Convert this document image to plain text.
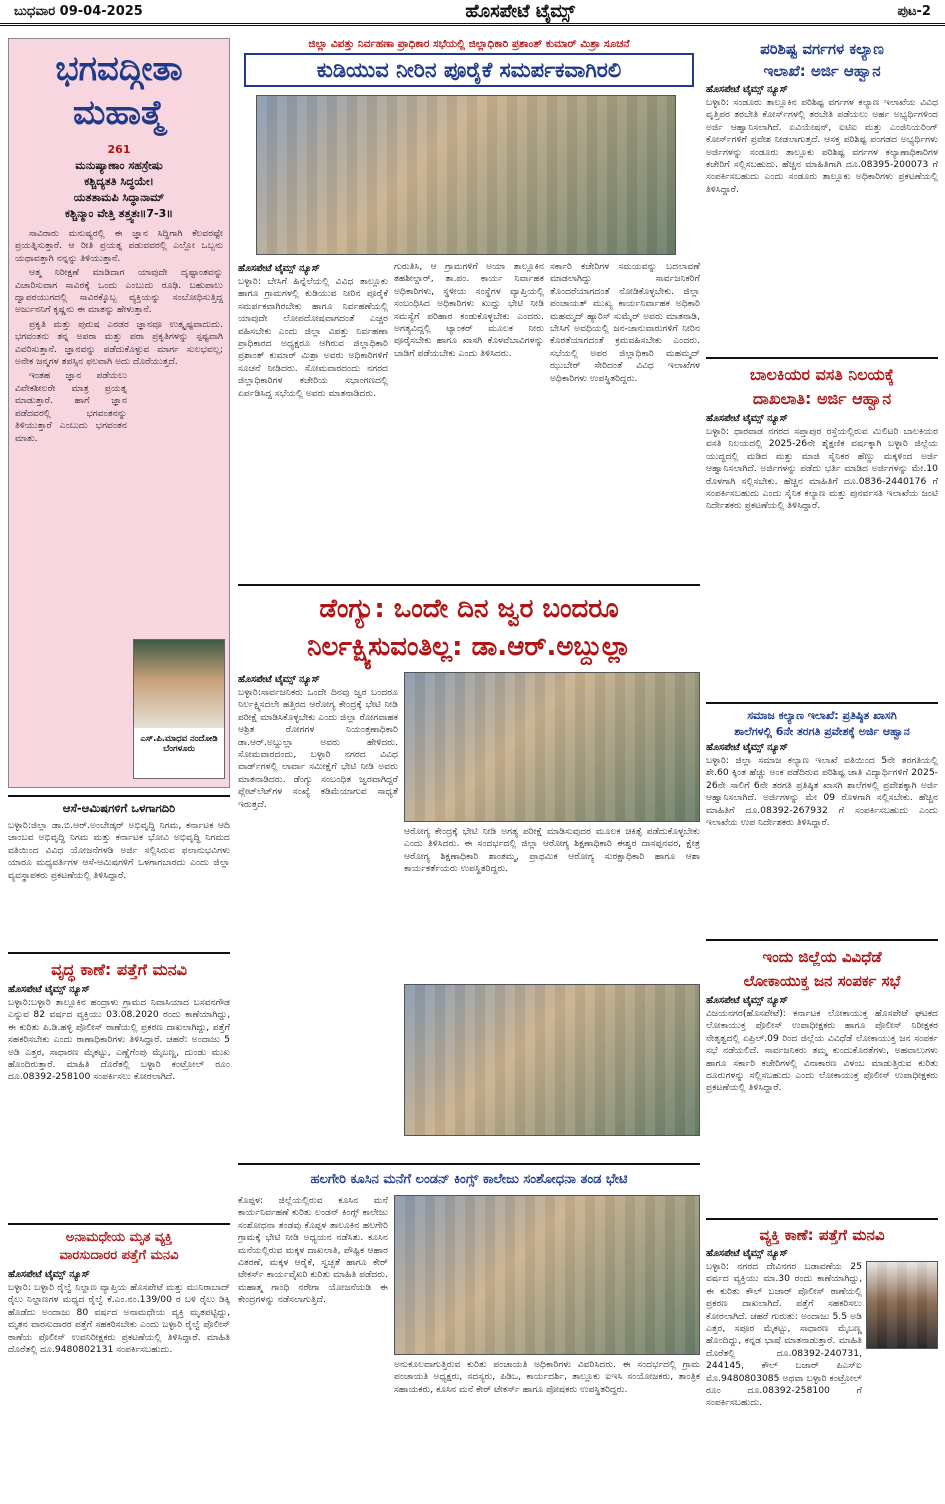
ಬುಧವಾರ 09-04-2025	ಹೊಸಪೇಟೆ ಟೈಮ್ಸ್	ಪುಟ-2
ಭಗವದ್ಗೀತಾ
ಮಹಾತ್ಮೆ
261
ಮನುಷ್ಯಾಣಾಂ ಸಹಸ್ರೇಷು
ಕಶ್ಚಿದ್ಯತತಿ ಸಿದ್ಧಯೇ।
ಯತತಾಮಪಿ ಸಿದ್ಧಾನಾಮ್
ಕಶ್ಚಿನ್ಮಾಂ ವೇತ್ತಿ ತತ್ತ್ವತಃ॥7-3॥

ಸಾವಿರಾರು ಮನುಷ್ಯರಲ್ಲಿ ಈ ಜ್ಞಾನ ಸಿದ್ಧಿಗಾಗಿ ಕೆಲವರಷ್ಟೇ ಪ್ರಯತ್ನಿಸುತ್ತಾರೆ. ಆ ರೀತಿ ಪ್ರಯತ್ನ ಪಡುವವರಲ್ಲಿ ಎಲ್ಲೋ ಒಬ್ಬನು ಯಥಾವತ್ತಾಗಿ ನನ್ನನ್ನು ತಿಳಿಯುತ್ತಾನೆ.

ಆತ್ಮ ನಿರೀಕ್ಷಣೆ ಮಾಡಿದಾಗ ಯಾವುದೇ ದೃಷ್ಟಾಂತವನ್ನು ವಿಚಾರಿಸುವಾಗ ಸಾವಿರಕ್ಕೆ ಒಂದು ಎಂಬುದು ರೂಢಿ. ಬಹುಪಾಲು ದ್ವಾಪರಯುಗದಲ್ಲಿ ಸಾವಿರಕ್ಕೊಬ್ಬ ವ್ಯಕ್ತಿಯನ್ನು ಸಂಬೋಧಿಸುತ್ತಿದ್ದ ಅರ್ಜುನನಿಗೆ ಕೃಷ್ಣನು ಈ ಮಾತನ್ನು ಹೇಳುತ್ತಾನೆ.

ಪ್ರಕೃತಿ ಮತ್ತು ಪುರುಷ ಎರಡರ ಜ್ಞಾನವೂ ಉತ್ಕೃಷ್ಟವಾದುದು. ಭಗವಂತನು ತನ್ನ ಅಪರಾ ಮತ್ತು ಪರಾ ಪ್ರಕೃತಿಗಳನ್ನು ಸ್ಪಷ್ಟವಾಗಿ ವಿವರಿಸುತ್ತಾನೆ. ಜ್ಞಾನವನ್ನು ಪಡೆದುಕೊಳ್ಳುವ ಮಾರ್ಗ ಸುಲಭವಲ್ಲ; ಅನೇಕ ಜನ್ಮಗಳ ತಪಸ್ಸಿನ ಫಲವಾಗಿ ಅದು ದೊರೆಯುತ್ತದೆ.

ಇಂತಹ ಜ್ಞಾನ ಪಡೆಯಲು ವಿವೇಕಶೀಲರೇ ಮಾತ್ರ ಪ್ರಯತ್ನ ಮಾಡುತ್ತಾರೆ. ಹಾಗೆ ಜ್ಞಾನ ಪಡೆದವರಲ್ಲಿ ಭಗವಂತನನ್ನು ತಿಳಿಯುತ್ತಾರೆ ಎಂಬುದು ಭಗವಂತನ ಮಾತು.

ಎಸ್.ಪಿ.ಮಾಧವ ನಂದೋಡಿ
ಬೆಂಗಳೂರು
ಆಸೆ-ಆಮಿಷಗಳಿಗೆ ಒಳಗಾಗದಿರಿ
ಬಳ್ಳಾರಿ:ಜಿಲ್ಲಾ ಡಾ.ಬಿ.ಆರ್.ಅಂಬೇಡ್ಕರ್ ಅಭಿವೃದ್ಧಿ ನಿಗಮ, ಕರ್ನಾಟಕ ಆದಿ ಜಾಂಬವ ಅಭಿವೃದ್ಧಿ ನಿಗಮ ಮತ್ತು ಕರ್ನಾಟಕ ಭೋವಿ ಅಭಿವೃದ್ಧಿ ನಿಗಮದ ವತಿಯಿಂದ ವಿವಿಧ ಯೋಜನೆಗಳಡಿ ಅರ್ಜಿ ಸಲ್ಲಿಸಿರುವ ಫಲಾನುಭವಿಗಳು ಯಾರೂ ಮಧ್ಯವರ್ತಿಗಳ ಆಸೆ-ಆಮಿಷಗಳಿಗೆ ಒಳಗಾಗಬಾರದು ಎಂದು ಜಿಲ್ಲಾ ವ್ಯವಸ್ಥಾಪಕರು ಪ್ರಕಟಣೆಯಲ್ಲಿ ತಿಳಿಸಿದ್ದಾರೆ.
ವೃದ್ಧ ಕಾಣೆ: ಪತ್ತೆಗೆ ಮನವಿ
ಹೊಸಪೇಟೆ ಟೈಮ್ಸ್ ನ್ಯೂಸ್
ಬಳ್ಳಾರಿ:ಬಳ್ಳಾರಿ ತಾಲ್ಲೂಕಿನ ಹಂದ್ರಾಳು ಗ್ರಾಮದ ನಿವಾಸಿಯಾದ ಬಸವನಗೌಡ ಎನ್ನುವ 82 ವರ್ಷದ ವ್ಯಕ್ತಿಯು 03.08.2020 ರಂದು ಕಾಣೆಯಾಗಿದ್ದು, ಈ ಕುರಿತು ಪಿ.ಡಿ.ಹಳ್ಳಿ ಪೊಲೀಸ್ ಠಾಣೆಯಲ್ಲಿ ಪ್ರಕರಣ ದಾಖಲಾಗಿದ್ದು, ಪತ್ತೆಗೆ ಸಹಕರಿಸಬೇಕು ಎಂದು ಠಾಣಾಧಿಕಾರಿಗಳು ತಿಳಿಸಿದ್ದಾರೆ. ಚಹರೆ: ಅಂದಾಜು 5 ಅಡಿ ಎತ್ತರ, ಸಾಧಾರಣ ಮೈಕಟ್ಟು, ಎಣ್ಣೆಗೆಂಪು ಮೈಬಣ್ಣ, ದುಂಡು ಮುಖ ಹೊಂದಿರುತ್ತಾರೆ. ಮಾಹಿತಿ ದೊರೆತಲ್ಲಿ ಬಳ್ಳಾರಿ ಕಂಟ್ರೋಲ್ ರೂಂ ದೂ.08392-258100 ಸಂಪರ್ಕಿಸಲು ಕೋರಲಾಗಿದೆ.
ಅನಾಮಧೇಯ ಮೃತ ವ್ಯಕ್ತಿ
ವಾರಸುದಾರರ ಪತ್ತೆಗೆ ಮನವಿ
ಹೊಸಪೇಟೆ ಟೈಮ್ಸ್ ನ್ಯೂಸ್
ಬಳ್ಳಾರಿ: ಬಳ್ಳಾರಿ ರೈಲ್ವೆ ನಿಲ್ದಾಣ ವ್ಯಾಪ್ತಿಯ ಹೊಸಪೇಟೆ ಮತ್ತು ಮುನಿರಾಬಾದ್ ರೈಲು ನಿಲ್ದಾಣಗಳ ಮಧ್ಯದ ರೈಲ್ವೆ ಕೆ.ಎಂ.ನಂ.139/00 ರ ಬಳಿ ರೈಲು ಡಿಕ್ಕಿ ಹೊಡೆದು ಅಂದಾಜು 80 ವರ್ಷದ ಅನಾಮಧೇಯ ವ್ಯಕ್ತಿ ಮೃತಪಟ್ಟಿದ್ದು, ಮೃತನ ವಾರಸುದಾರರ ಪತ್ತೆಗೆ ಸಹಕರಿಸಬೇಕು ಎಂದು ಬಳ್ಳಾರಿ ರೈಲ್ವೆ ಪೊಲೀಸ್ ಠಾಣೆಯ ಪೊಲೀಸ್ ಉಪನಿರೀಕ್ಷಕರು ಪ್ರಕಟಣೆಯಲ್ಲಿ ತಿಳಿಸಿದ್ದಾರೆ. ಮಾಹಿತಿ ದೊರೆತಲ್ಲಿ ದೂ.9480802131 ಸಂಪರ್ಕಿಸಬಹುದು.
ಜಿಲ್ಲಾ ವಿಪತ್ತು ನಿರ್ವಹಣಾ ಪ್ರಾಧಿಕಾರ ಸಭೆಯಲ್ಲಿ ಜಿಲ್ಲಾಧಿಕಾರಿ ಪ್ರಶಾಂತ್ ಕುಮಾರ್ ಮಿಶ್ರಾ ಸೂಚನೆ
ಕುಡಿಯುವ ನೀರಿನ ಪೂರೈಕೆ ಸಮರ್ಪಕವಾಗಿರಲಿ
ಹೊಸಪೇಟೆ ಟೈಮ್ಸ್ ನ್ಯೂಸ್
ಬಳ್ಳಾರಿ: ಬೇಸಿಗೆ ಹಿನ್ನೆಲೆಯಲ್ಲಿ ವಿವಿಧ ತಾಲ್ಲೂಕು ಹಾಗೂ ಗ್ರಾಮಗಳಲ್ಲಿ ಕುಡಿಯುವ ನೀರಿನ ಪೂರೈಕೆ ಸಮರ್ಪಕವಾಗಿರಬೇಕು ಹಾಗೂ ನಿರ್ವಹಣೆಯಲ್ಲಿ ಯಾವುದೇ ಲೋಪದೋಷವಾಗದಂತೆ ಎಚ್ಚರ ವಹಿಸಬೇಕು ಎಂದು ಜಿಲ್ಲಾ ವಿಪತ್ತು ನಿರ್ವಹಣಾ ಪ್ರಾಧಿಕಾರದ ಅಧ್ಯಕ್ಷರೂ ಆಗಿರುವ ಜಿಲ್ಲಾಧಿಕಾರಿ ಪ್ರಶಾಂತ್ ಕುಮಾರ್ ಮಿಶ್ರಾ ಅವರು ಅಧಿಕಾರಿಗಳಿಗೆ ಸೂಚನೆ ನೀಡಿದರು. ಸೋಮವಾರದಂದು ನಗರದ ಜಿಲ್ಲಾಧಿಕಾರಿಗಳ ಕಚೇರಿಯ ಸಭಾಂಗಣದಲ್ಲಿ ಏರ್ಪಡಿಸಿದ್ದ ಸಭೆಯಲ್ಲಿ ಅವರು ಮಾತನಾಡಿದರು.
ಗುರುತಿಸಿ, ಆ ಗ್ರಾಮಗಳಿಗೆ ಅಯಾ ತಾಲ್ಲೂಕಿನ ತಹಶೀಲ್ದಾರ್, ತಾ.ಪಂ. ಕಾರ್ಯ ನಿರ್ವಾಹಕ ಅಧಿಕಾರಿಗಳು, ಸ್ಥಳೀಯ ಸಂಸ್ಥೆಗಳ ವ್ಯಾಪ್ತಿಯಲ್ಲಿ ಸಂಬಂಧಿಸಿದ ಅಧಿಕಾರಿಗಳು ಖುದ್ದು ಭೇಟಿ ನೀಡಿ ಸಮಸ್ಯೆಗೆ ಪರಿಹಾರ ಕಂಡುಕೊಳ್ಳಬೇಕು ಎಂದರು. ಅಗತ್ಯವಿದ್ದಲ್ಲಿ ಟ್ಯಾಂಕರ್ ಮೂಲಕ ನೀರು ಪೂರೈಸಬೇಕು ಹಾಗೂ ಖಾಸಗಿ ಕೊಳವೆಬಾವಿಗಳನ್ನು ಬಾಡಿಗೆ ಪಡೆಯಬೇಕು ಎಂದು ತಿಳಿಸಿದರು.
ಸರ್ಕಾರಿ ಕಚೇರಿಗಳ ಸಮಯವನ್ನು ಬದಲಾವಣೆ ಮಾಡಲಾಗಿದ್ದು ಸಾರ್ವಜನಿಕರಿಗೆ ತೊಂದರೆಯಾಗದಂತೆ ನೋಡಿಕೊಳ್ಳಬೇಕು. ಜಿಲ್ಲಾ ಪಂಚಾಯತ್ ಮುಖ್ಯ ಕಾರ್ಯನಿರ್ವಾಹಕ ಅಧಿಕಾರಿ ಮಹಮ್ಮದ್ ಹ್ಯಾರಿಸ್ ಸುಮೈರ್ ಅವರು ಮಾತನಾಡಿ, ಬೇಸಿಗೆ ಅವಧಿಯಲ್ಲಿ ಜನ-ಜಾನುವಾರುಗಳಿಗೆ ನೀರಿನ ಕೊರತೆಯಾಗದಂತೆ ಕ್ರಮವಹಿಸಬೇಕು ಎಂದರು. ಸಭೆಯಲ್ಲಿ ಅಪರ ಜಿಲ್ಲಾಧಿಕಾರಿ ಮಹಮ್ಮದ್ ಝುಬೇರ್ ಸೇರಿದಂತೆ ವಿವಿಧ ಇಲಾಖೆಗಳ ಅಧಿಕಾರಿಗಳು ಉಪಸ್ಥಿತರಿದ್ದರು.
ಡೆಂಗ್ಯು: ಒಂದೇ ದಿನ ಜ್ವರ ಬಂದರೂ
ನಿರ್ಲಕ್ಷ್ಯಿಸುವಂತಿಲ್ಲ: ಡಾ.ಆರ್.ಅಬ್ದುಲ್ಲಾ
ಹೊಸಪೇಟೆ ಟೈಮ್ಸ್ ನ್ಯೂಸ್
ಬಳ್ಳಾರಿ:ಸಾರ್ವಜನಿಕರು ಒಂದೇ ದಿನವು ಜ್ವರ ಬಂದರೂ ನಿರ್ಲಕ್ಷ್ಯಿಸದಲೇ ಹತ್ತಿರದ ಆರೋಗ್ಯ ಕೇಂದ್ರಕ್ಕೆ ಭೇಟಿ ನೀಡಿ ಪರೀಕ್ಷೆ ಮಾಡಿಸಿಕೊಳ್ಳಬೇಕು ಎಂದು ಜಿಲ್ಲಾ ರೋಗವಾಹಕ ಆಶ್ರಿತ ರೋಗಗಳ ನಿಯಂತ್ರಣಾಧಿಕಾರಿ ಡಾ.ಆರ್.ಅಬ್ದುಲ್ಲಾ ಅವರು ಹೇಳಿದರು. ಸೋಮವಾರದಂದು, ಬಳ್ಳಾರಿ ನಗರದ ವಿವಿಧ ವಾರ್ಡ್‌ಗಳಲ್ಲಿ ಲಾರ್ವಾ ಸಮೀಕ್ಷೆಗೆ ಭೇಟಿ ನೀಡಿ ಅವರು ಮಾತನಾಡಿದರು. ಡೆಂಗ್ಯು ಸಂಬಂಧಿತ ಜ್ವರವಾಗಿದ್ದರೆ ಪ್ಲೇಟ್‌ಲೆಟ್‌ಗಳ ಸಂಖ್ಯೆ ಕಡಿಮೆಯಾಗುವ ಸಾಧ್ಯತೆ ಇರುತ್ತದೆ.
ಆರೋಗ್ಯ ಕೇಂದ್ರಕ್ಕೆ ಭೇಟಿ ನೀಡಿ ಅಗತ್ಯ ಪರೀಕ್ಷೆ ಮಾಡಿಸುವುದರ ಮೂಲಕ ಚಿಕಿತ್ಸೆ ಪಡೆದುಕೊಳ್ಳಬೇಕು ಎಂದು ತಿಳಿಸಿದರು. ಈ ಸಂದರ್ಭದಲ್ಲಿ ಜಿಲ್ಲಾ ಆರೋಗ್ಯ ಶಿಕ್ಷಣಾಧಿಕಾರಿ ಈಶ್ವರ ದಾಸಪ್ಪನವರ, ಕ್ಷೇತ್ರ ಆರೋಗ್ಯ ಶಿಕ್ಷಣಾಧಿಕಾರಿ ಶಾಂತಮ್ಮ, ಪ್ರಾಥಮಿಕ ಆರೋಗ್ಯ ಸುರಕ್ಷಾಧಿಕಾರಿ ಹಾಗೂ ಆಶಾ ಕಾರ್ಯಕರ್ತೆಯರು ಉಪಸ್ಥಿತರಿದ್ದರು.
ಹಲಗೇರಿ ಕೂಸಿನ ಮನೆಗೆ ಲಂಡನ್ ಕಿಂಗ್ಸ್ ಕಾಲೇಜು ಸಂಶೋಧನಾ ತಂಡ ಭೇಟಿ
ಕೊಪ್ಪಳ: ಜಿಲ್ಲೆಯಲ್ಲಿರುವ ಕೂಸಿನ ಮನೆ ಕಾರ್ಯನಿರ್ವಹಣೆ ಕುರಿತು ಲಂಡನ್ ಕಿಂಗ್ಸ್ ಕಾಲೇಜು ಸಂಶೋಧನಾ ತಂಡವು ಕೊಪ್ಪಳ ತಾಲೂಕಿನ ಹಲಗೇರಿ ಗ್ರಾಮಕ್ಕೆ ಭೇಟಿ ನೀಡಿ ಅಧ್ಯಯನ ನಡೆಸಿತು. ಕೂಸಿನ ಮನೆಯಲ್ಲಿರುವ ಮಕ್ಕಳ ದಾಖಲಾತಿ, ಪೌಷ್ಟಿಕ ಆಹಾರ ವಿತರಣೆ, ಮಕ್ಕಳ ಆರೈಕೆ, ಸ್ವಚ್ಛತೆ ಹಾಗೂ ಕೇರ್ ಟೇಕರ್ಸ್ ಕಾರ್ಯವೈಖರಿ ಕುರಿತು ಮಾಹಿತಿ ಪಡೆದರು. ಮಹಾತ್ಮ ಗಾಂಧಿ ನರೇಗಾ ಯೋಜನೆಯಡಿ ಈ ಕೇಂದ್ರಗಳನ್ನು ನಡೆಸಲಾಗುತ್ತಿದೆ.
ಅನುಕೂಲವಾಗುತ್ತಿರುವ ಕುರಿತು ಪಂಚಾಯತಿ ಅಧಿಕಾರಿಗಳು ವಿವರಿಸಿದರು. ಈ ಸಂದರ್ಭದಲ್ಲಿ ಗ್ರಾಮ ಪಂಚಾಯತಿ ಅಧ್ಯಕ್ಷರು, ಸದಸ್ಯರು, ಪಿಡಿಒ, ಕಾರ್ಯದರ್ಶಿ, ತಾಲ್ಲೂಕು ಐಇಸಿ ಸಂಯೋಜಕರು, ತಾಂತ್ರಿಕ ಸಹಾಯಕರು, ಕೂಸಿನ ಮನೆ ಕೇರ್ ಟೇಕರ್ಸ್ ಹಾಗೂ ಪೋಷಕರು ಉಪಸ್ಥಿತರಿದ್ದರು.
ಪರಿಶಿಷ್ಟ ವರ್ಗಗಳ ಕಲ್ಯಾಣ
ಇಲಾಖೆ: ಅರ್ಜಿ ಆಹ್ವಾನ
ಹೊಸಪೇಟೆ ಟೈಮ್ಸ್ ನ್ಯೂಸ್
ಬಳ್ಳಾರಿ: ಸಂಡೂರು ತಾಲ್ಲೂಕಿನ ಪರಿಶಿಷ್ಟ ವರ್ಗಗಳ ಕಲ್ಯಾಣ ಇಲಾಖೆಯ ವಿವಿಧ ವೃತ್ತಿಪರ ತರಬೇತಿ ಕೋರ್ಸ್‌ಗಳಲ್ಲಿ ತರಬೇತಿ ಪಡೆಯಲು ಅರ್ಹ ಅಭ್ಯರ್ಥಿಗಳಿಂದ ಅರ್ಜಿ ಆಹ್ವಾನಿಸಲಾಗಿದೆ. ಏವಿಯೇಷನ್, ಐಟಿಐ ಮತ್ತು ಎಂಜಿನಿಯರಿಂಗ್ ಕೋರ್ಸ್‌ಗಳಿಗೆ ಪ್ರವೇಶ ನೀಡಲಾಗುತ್ತದೆ. ಆಸಕ್ತ ಪರಿಶಿಷ್ಟ ಪಂಗಡದ ಅಭ್ಯರ್ಥಿಗಳು ಅರ್ಜಿಗಳನ್ನು ಸಂಡೂರು ತಾಲ್ಲೂಕು ಪರಿಶಿಷ್ಟ ವರ್ಗಗಳ ಕಲ್ಯಾಣಾಧಿಕಾರಿಗಳ ಕಚೇರಿಗೆ ಸಲ್ಲಿಸಬಹುದು. ಹೆಚ್ಚಿನ ಮಾಹಿತಿಗಾಗಿ ದೂ.08395-200073 ಗೆ ಸಂಪರ್ಕಿಸಬಹುದು ಎಂದು ಸಂಡೂರು ತಾಲ್ಲೂಕು ಅಧಿಕಾರಿಗಳು ಪ್ರಕಟಣೆಯಲ್ಲಿ ತಿಳಿಸಿದ್ದಾರೆ.
ಬಾಲಕಿಯರ ವಸತಿ ನಿಲಯಕ್ಕೆ
ದಾಖಲಾತಿ: ಅರ್ಜಿ ಆಹ್ವಾನ
ಹೊಸಪೇಟೆ ಟೈಮ್ಸ್ ನ್ಯೂಸ್
ಬಳ್ಳಾರಿ: ಧಾರವಾಡ ನಗರದ ಸಪ್ತಾಪುರ ರಸ್ತೆಯಲ್ಲಿರುವ ಮಿಲಿಟರಿ ಬಾಲಕಿಯರ ವಸತಿ ನಿಲಯದಲ್ಲಿ 2025-26ನೇ ಶೈಕ್ಷಣಿಕ ವರ್ಷಕ್ಕಾಗಿ ಬಳ್ಳಾರಿ ಜಿಲ್ಲೆಯ ಯುದ್ಧದಲ್ಲಿ ಮಡಿದ ಮತ್ತು ಮಾಜಿ ಸೈನಿಕರ ಹೆಣ್ಣು ಮಕ್ಕಳಿಂದ ಅರ್ಜಿ ಆಹ್ವಾನಿಸಲಾಗಿದೆ. ಅರ್ಜಿಗಳನ್ನು ಪಡೆದು ಭರ್ತಿ ಮಾಡಿದ ಅರ್ಜಿಗಳನ್ನು ಮೇ.10 ರೊಳಗಾಗಿ ಸಲ್ಲಿಸಬೇಕು. ಹೆಚ್ಚಿನ ಮಾಹಿತಿಗೆ ದೂ.0836-2440176 ಗೆ ಸಂಪರ್ಕಿಸಬಹುದು ಎಂದು ಸೈನಿಕ ಕಲ್ಯಾಣ ಮತ್ತು ಪುನರ್ವಸತಿ ಇಲಾಖೆಯ ಜಂಟಿ ನಿರ್ದೇಶಕರು ಪ್ರಕಟಣೆಯಲ್ಲಿ ತಿಳಿಸಿದ್ದಾರೆ.
ಸಮಾಜ ಕಲ್ಯಾಣ ಇಲಾಖೆ: ಪ್ರತಿಷ್ಠಿತ ಖಾಸಗಿ
ಶಾಲೆಗಳಲ್ಲಿ 6ನೇ ತರಗತಿ ಪ್ರವೇಶಕ್ಕೆ ಅರ್ಜಿ ಆಹ್ವಾನ
ಹೊಸಪೇಟೆ ಟೈಮ್ಸ್ ನ್ಯೂಸ್
ಬಳ್ಳಾರಿ: ಜಿಲ್ಲಾ ಸಮಾಜ ಕಲ್ಯಾಣ ಇಲಾಖೆ ವತಿಯಿಂದ 5ನೇ ತರಗತಿಯಲ್ಲಿ ಶೇ.60 ಕ್ಕಿಂತ ಹೆಚ್ಚು ಅಂಕ ಪಡೆದಿರುವ ಪರಿಶಿಷ್ಟ ಜಾತಿ ವಿದ್ಯಾರ್ಥಿಗಳಿಗೆ 2025-26ನೇ ಸಾಲಿಗೆ 6ನೇ ತರಗತಿ ಪ್ರತಿಷ್ಠಿತ ಖಾಸಗಿ ಶಾಲೆಗಳಲ್ಲಿ ಪ್ರವೇಶಕ್ಕಾಗಿ ಅರ್ಜಿ ಆಹ್ವಾನಿಸಲಾಗಿದೆ. ಅರ್ಜಿಗಳನ್ನು ಮೇ 09 ರೊಳಗಾಗಿ ಸಲ್ಲಿಸಬೇಕು. ಹೆಚ್ಚಿನ ಮಾಹಿತಿಗೆ ದೂ.08392-267932 ಗೆ ಸಂಪರ್ಕಿಸಬಹುದು ಎಂದು ಇಲಾಖೆಯ ಉಪ ನಿರ್ದೇಶಕರು ತಿಳಿಸಿದ್ದಾರೆ.
ಇಂದು ಜಿಲ್ಲೆಯ ವಿವಿಧೆಡೆ
ಲೋಕಾಯುಕ್ತ ಜನ ಸಂಪರ್ಕ ಸಭೆ
ಹೊಸಪೇಟೆ ಟೈಮ್ಸ್ ನ್ಯೂಸ್
ವಿಜಯನಗರ(ಹೊಸಪೇಟೆ): ಕರ್ನಾಟಕ ಲೋಕಾಯುಕ್ತ ಹೊಸಪೇಟೆ ಘಟಕದ ಲೋಕಾಯುಕ್ತ ಪೊಲೀಸ್ ಉಪಾಧೀಕ್ಷಕರು ಹಾಗೂ ಪೊಲೀಸ್ ನಿರೀಕ್ಷಕರ ನೇತೃತ್ವದಲ್ಲಿ ಏಪ್ರಿಲ್.09 ರಿಂದ ಜಿಲ್ಲೆಯ ವಿವಿಧೆಡೆ ಲೋಕಾಯುಕ್ತ ಜನ ಸಂಪರ್ಕ ಸಭೆ ನಡೆಯಲಿದೆ. ಸಾರ್ವಜನಿಕರು ತಮ್ಮ ಕುಂದುಕೊರತೆಗಳು, ಅಹವಾಲುಗಳು ಹಾಗೂ ಸರ್ಕಾರಿ ಕಚೇರಿಗಳಲ್ಲಿ ವಿನಾಕಾರಣ ವಿಳಂಬ ಮಾಡುತ್ತಿರುವ ಕುರಿತು ದೂರುಗಳನ್ನು ಸಲ್ಲಿಸಬಹುದು ಎಂದು ಲೋಕಾಯುಕ್ತ ಪೊಲೀಸ್ ಉಪಾಧೀಕ್ಷಕರು ಪ್ರಕಟಣೆಯಲ್ಲಿ ತಿಳಿಸಿದ್ದಾರೆ.
ವ್ಯಕ್ತಿ ಕಾಣೆ: ಪತ್ತೆಗೆ ಮನವಿ
ಹೊಸಪೇಟೆ ಟೈಮ್ಸ್ ನ್ಯೂಸ್
ಬಳ್ಳಾರಿ: ನಗರದ ದೇವಿನಗರ ಬಡಾವಣೆಯ 25 ವರ್ಷದ ವ್ಯಕ್ತಿಯು ಮಾ.30 ರಂದು ಕಾಣೆಯಾಗಿದ್ದು, ಈ ಕುರಿತು ಕೌಲ್ ಬಜಾರ್ ಪೊಲೀಸ್ ಠಾಣೆಯಲ್ಲಿ ಪ್ರಕರಣ ದಾಖಲಾಗಿದೆ. ಪತ್ತೆಗೆ ಸಹಕರಿಸಲು ಕೋರಲಾಗಿದೆ. ಚಹರೆ ಗುರುತು: ಅಂದಾಜು 5.5 ಅಡಿ ಎತ್ತರ, ಸಪೂರ ಮೈಕಟ್ಟು, ಸಾಧಾರಣ ಮೈಬಣ್ಣ ಹೊಂದಿದ್ದು, ಕನ್ನಡ ಭಾಷೆ ಮಾತನಾಡುತ್ತಾರೆ. ಮಾಹಿತಿ ದೊರೆತಲ್ಲಿ ದೂ.08392-240731, 244145, ಕೌಲ್ ಬಜಾರ್ ಪಿಎಸ್‌ಐ ಮೊ.9480803085 ಅಥವಾ ಬಳ್ಳಾರಿ ಕಂಟ್ರೋಲ್ ರೂಂ ದೂ.08392-258100 ಗೆ ಸಂಪರ್ಕಿಸಬಹುದು.
